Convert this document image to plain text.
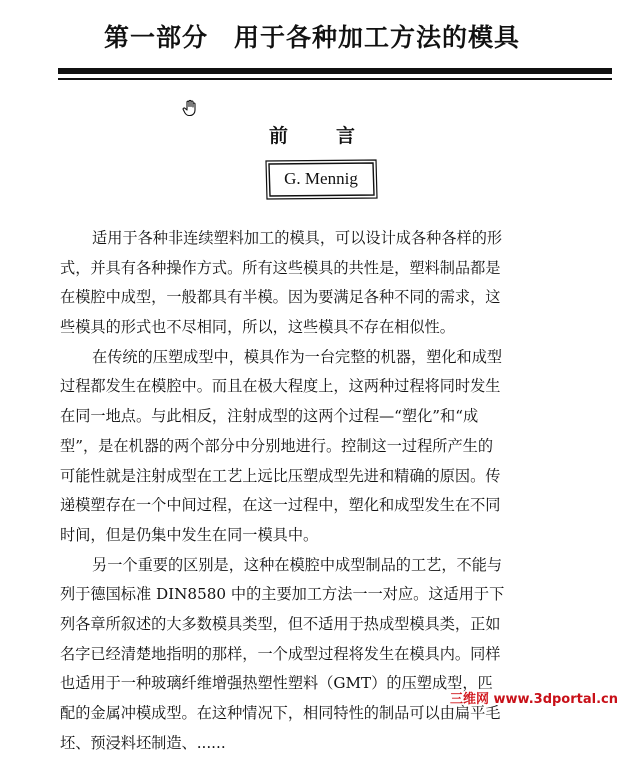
第一部分　用于各种加工方法的模具
前言
G. Mennig
适用于各种非连续塑料加工的模具，可以设计成各种各样的形
式，并具有各种操作方式。所有这些模具的共性是，塑料制品都是
在模腔中成型，一般都具有半模。因为要满足各种不同的需求，这
些模具的形式也不尽相同，所以，这些模具不存在相似性。
在传统的压塑成型中，模具作为一台完整的机器，塑化和成型
过程都发生在模腔中。而且在极大程度上，这两种过程将同时发生
在同一地点。与此相反，注射成型的这两个过程—“塑化”和“成
型”，是在机器的两个部分中分别地进行。控制这一过程所产生的
可能性就是注射成型在工艺上远比压塑成型先进和精确的原因。传
递模塑存在一个中间过程，在这一过程中，塑化和成型发生在不同
时间，但是仍集中发生在同一模具中。
另一个重要的区别是，这种在模腔中成型制品的工艺，不能与
列于德国标准 DIN8580 中的主要加工方法一一对应。这适用于下
列各章所叙述的大多数模具类型，但不适用于热成型模具类，正如
名字已经清楚地指明的那样，一个成型过程将发生在模具内。同样
也适用于一种玻璃纤维增强热塑性塑料（GMT）的压塑成型，匹
配的金属冲模成型。在这种情况下，相同特性的制品可以由扁平毛
坯、预浸料坯制造、......
三维网 www.3dportal.cn
